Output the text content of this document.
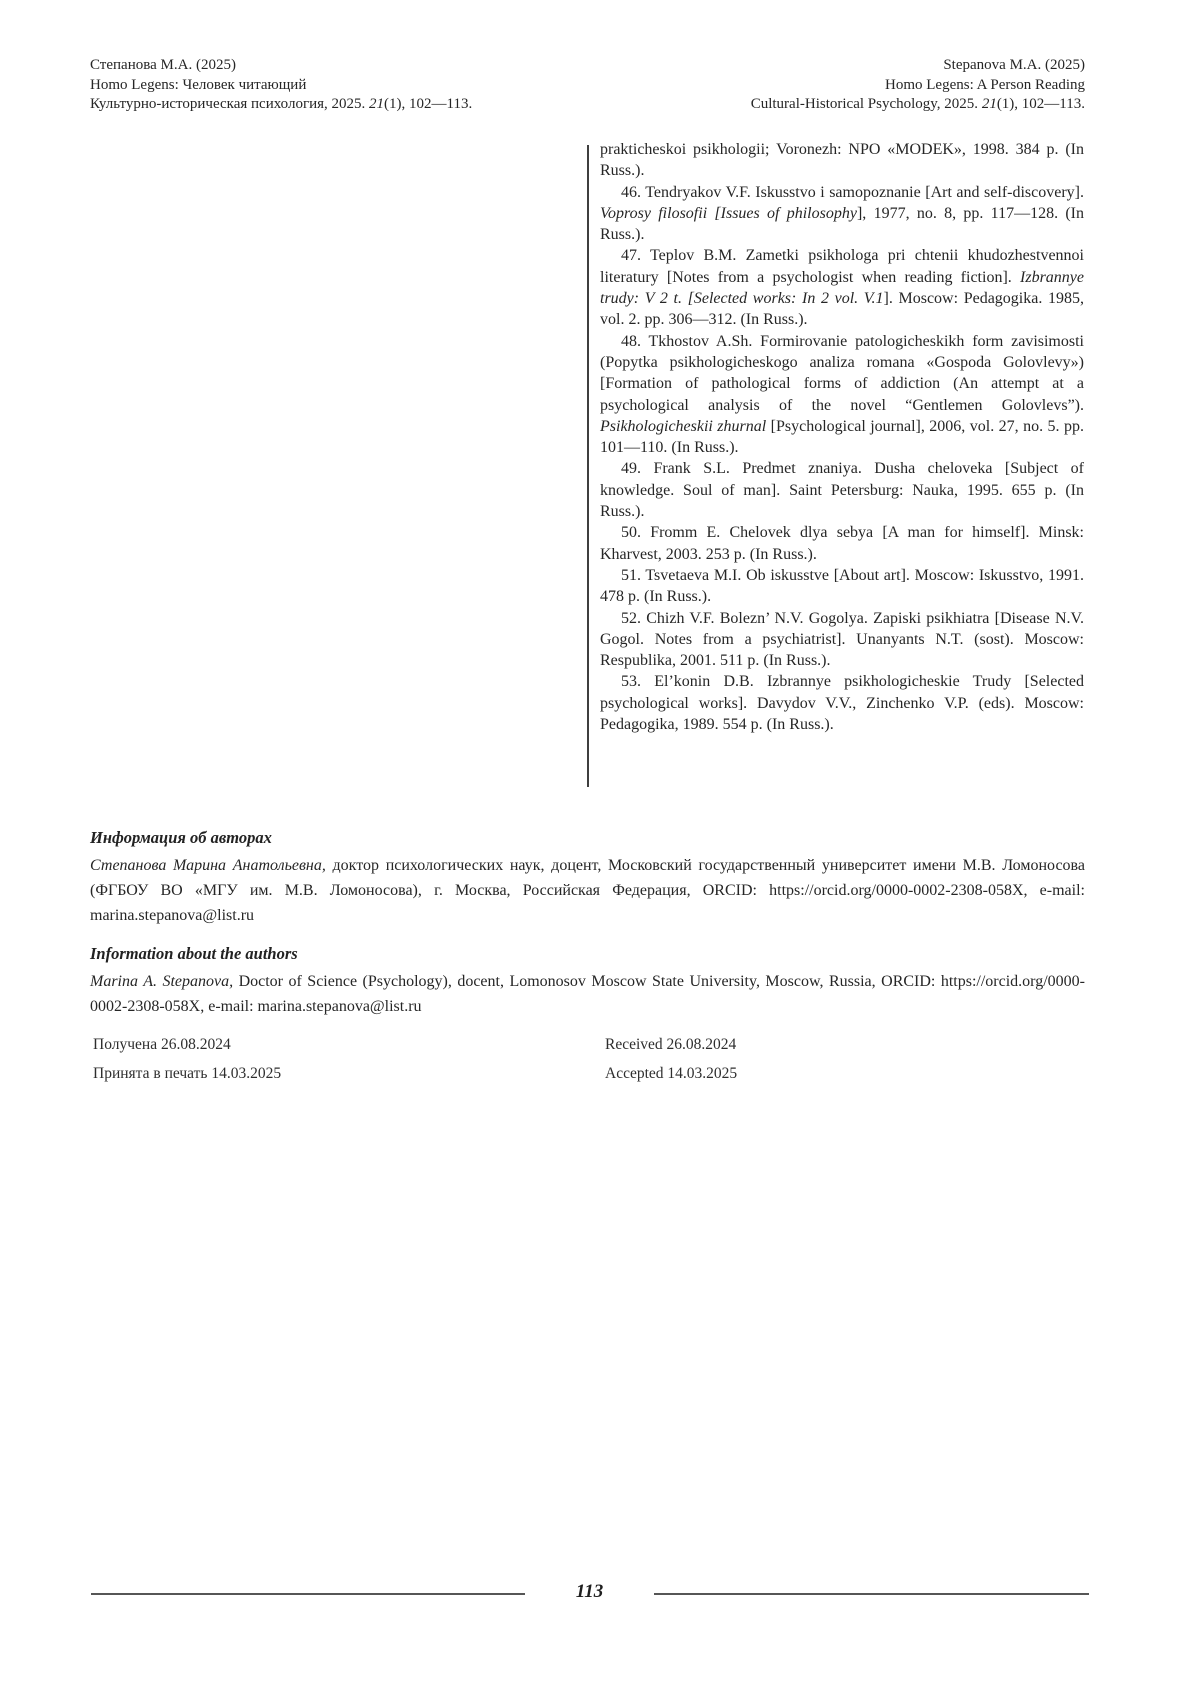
Степанова М.А. (2025)
Homo Legens: Человек читающий
Культурно-историческая психология, 2025. 21(1), 102—113.
Stepanova M.A. (2025)
Homo Legens: A Person Reading
Cultural-Historical Psychology, 2025. 21(1), 102—113.

prakticheskoi psikhologii; Voronezh: NPO «MODEK», 1998. 384 p. (In Russ.).

46. Tendryakov V.F. Iskusstvo i samopoznanie [Art and self-discovery]. Voprosy filosofii [Issues of philosophy], 1977, no. 8, pp. 117—128. (In Russ.).

47. Teplov B.M. Zametki psikhologa pri chtenii khudozhestvennoi literatury [Notes from a psychologist when reading fiction]. Izbrannye trudy: V 2 t. [Selected works: In 2 vol. V.1]. Moscow: Pedagogika. 1985, vol. 2. pp. 306—312. (In Russ.).

48. Tkhostov A.Sh. Formirovanie patologicheskikh form zavisimosti (Popytka psikhologicheskogo analiza romana «Gospoda Golovlevy») [Formation of pathological forms of addiction (An attempt at a psychological analysis of the novel “Gentlemen Golovlevs”). Psikhologicheskii zhurnal [Psychological journal], 2006, vol. 27, no. 5. pp. 101—110. (In Russ.).

49. Frank S.L. Predmet znaniya. Dusha cheloveka [Subject of knowledge. Soul of man]. Saint Petersburg: Nauka, 1995. 655 p. (In Russ.).

50. Fromm E. Chelovek dlya sebya [A man for himself]. Minsk: Kharvest, 2003. 253 p. (In Russ.).

51. Tsvetaeva M.I. Ob iskusstve [About art]. Moscow: Iskusstvo, 1991. 478 p. (In Russ.).

52. Chizh V.F. Bolezn’ N.V. Gogolya. Zapiski psikhiatra [Disease N.V. Gogol. Notes from a psychiatrist]. Unanyants N.T. (sost). Moscow: Respublika, 2001. 511 p. (In Russ.).

53. El’konin D.B. Izbrannye psikhologicheskie Trudy [Selected psychological works]. Davydov V.V., Zinchenko V.P. (eds). Moscow: Pedagogika, 1989. 554 p. (In Russ.).

Информация об авторах

Степанова Марина Анатольевна, доктор психологических наук, доцент, Московский государственный университет имени М.В. Ломоносова (ФГБОУ ВО «МГУ им. М.В. Ломоносова), г. Москва, Российская Федерация, ORCID: https://orcid.org/0000-0002-2308-058X, e-mail: marina.stepanova@list.ru

Information about the authors

Marina A. Stepanova, Doctor of Science (Psychology), docent, Lomonosov Moscow State University, Moscow, Russia, ORCID: https://orcid.org/0000-0002-2308-058X, e-mail: marina.stepanova@list.ru

Получена 26.08.2024
Принята в печать 14.03.2025
Received 26.08.2024
Accepted 14.03.2025
113
